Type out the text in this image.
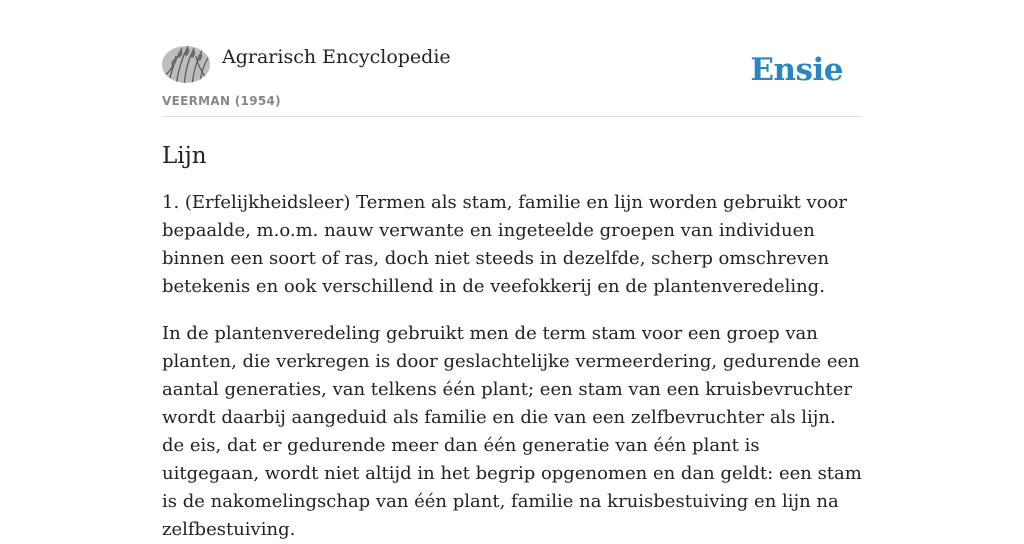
Agrarisch Encyclopedie
VEERMAN (1954)
Ensie
Lijn

1. (Erfelijkheidsleer) Termen als stam, familie en lijn worden gebruikt voor bepaalde, m.o.m. nauw verwante en ingeteelde groepen van individuen binnen een soort of ras, doch niet steeds in dezelfde, scherp omschreven betekenis en ook verschillend in de veefokkerij en de plantenveredeling.

In de plantenveredeling gebruikt men de term stam voor een groep van planten, die verkregen is door geslachtelijke vermeerdering, gedurende een aantal generaties, van telkens één plant; een stam van een kruisbevruchter wordt daarbij aangeduid als familie en die van een zelfbevruchter als lijn. de eis, dat er gedurende meer dan één generatie van één plant is uitgegaan, wordt niet altijd in het begrip opgenomen en dan geldt: een stam is de nakomelingschap van één plant, familie na kruisbestuiving en lijn na zelfbestuiving.
